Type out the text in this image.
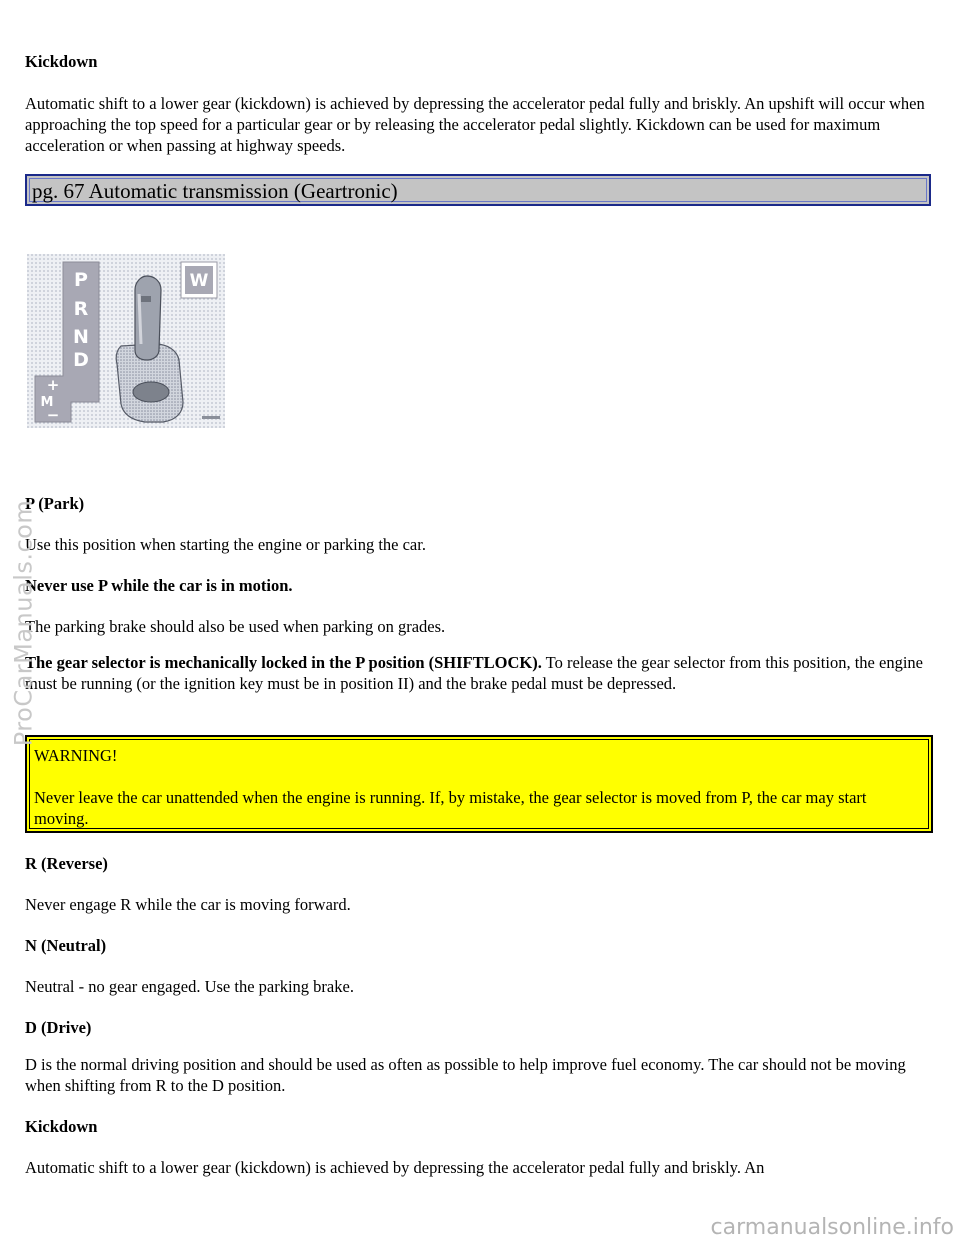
Kickdown

Automatic shift to a lower gear (kickdown) is achieved by depressing the accelerator pedal fully and briskly. An upshift will occur when approaching the top speed for a particular gear or by releasing the accelerator pedal slightly. Kickdown can be used for maximum acceleration or when passing at highway speeds.

pg. 67 Automatic transmission (Geartronic)
P
R
N
D
+
M
−
W

P (Park)

Use this position when starting the engine or parking the car.

Never use P while the car is in motion.

The parking brake should also be used when parking on grades.

The gear selector is mechanically locked in the P position (SHIFTLOCK). To release the gear selector from this position, the engine must be running (or the ignition key must be in position II) and the brake pedal must be depressed.

WARNING!
Never leave the car unattended when the engine is running. If, by mistake, the gear selector is moved from P, the car may start moving.

R (Reverse)

Never engage R while the car is moving forward.

N (Neutral)

Neutral - no gear engaged. Use the parking brake.

D (Drive)

D is the normal driving position and should be used as often as possible to help improve fuel economy. The car should not be moving when shifting from R to the D position.

Kickdown

Automatic shift to a lower gear (kickdown) is achieved by depressing the accelerator pedal fully and briskly. An

ProCarManuals.com
carmanualsonline.info
